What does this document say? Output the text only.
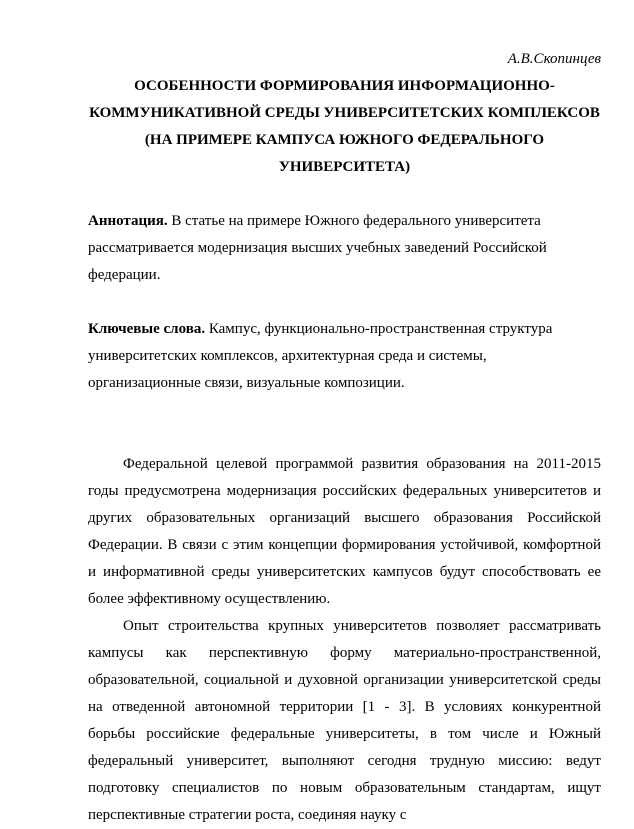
А.В.Скопинцев
ОСОБЕННОСТИ ФОРМИРОВАНИЯ ИНФОРМАЦИОННО-
КОММУНИКАТИВНОЙ СРЕДЫ УНИВЕРСИТЕТСКИХ КОМПЛЕКСОВ
(НА ПРИМЕРЕ КАМПУСА ЮЖНОГО ФЕДЕРАЛЬНОГО
УНИВЕРСИТЕТА)

Аннотация. В статье на примере Южного федерального университета рассматривается модернизация высших учебных заведений Российской федерации.

Ключевые слова. Кампус, функционально-пространственная структура университетских комплексов, архитектурная среда и системы, организационные связи, визуальные композиции.

Федеральной целевой программой развития образования на 2011-2015 годы предусмотрена модернизация российских федеральных университетов и других образовательных организаций высшего образования Российской Федерации. В связи с этим концепции формирования устойчивой, комфортной и информативной среды университетских кампусов будут способствовать ее более эффективному осуществлению.

Опыт строительства крупных университетов позволяет рассматривать кампусы как перспективную форму материально-пространственной, образовательной, социальной и духовной организации университетской среды на отведенной автономной территории [1 - 3]. В условиях конкурентной борьбы российские федеральные университеты, в том числе и Южный федеральный университет, выполняют сегодня трудную миссию: ведут подготовку специалистов по новым образовательным стандартам, ищут перспективные стратегии роста, соединяя науку с
